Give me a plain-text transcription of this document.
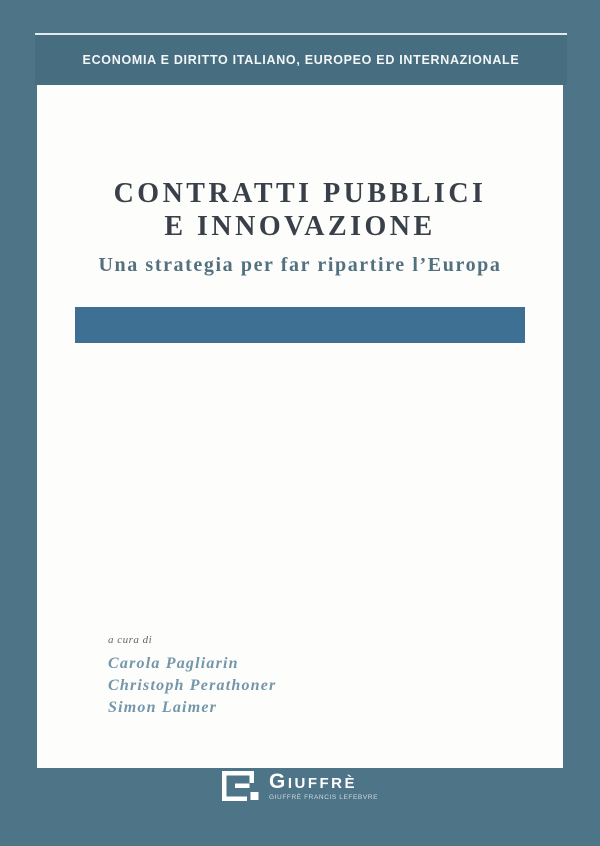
ECONOMIA E DIRITTO ITALIANO, EUROPEO ED INTERNAZIONALE
CONTRATTI PUBBLICI
E INNOVAZIONE
Una strategia per far ripartire l’Europa
a cura di
Carola Pagliarin
Christoph Perathoner
Simon Laimer
GIUFFRÈ
GIUFFRÈ FRANCIS LEFEBVRE
